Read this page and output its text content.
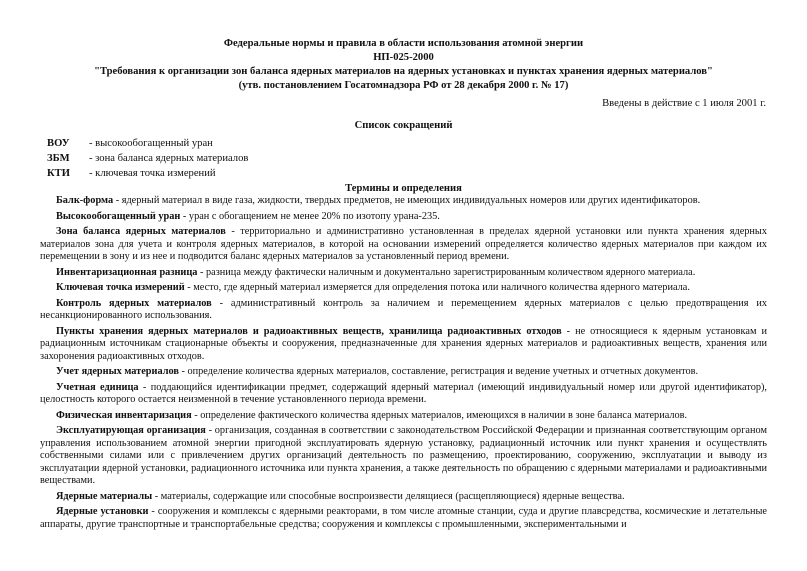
Федеральные нормы и правила в области использования атомной энергии
НП-025-2000
"Требования к организации зон баланса ядерных материалов на ядерных установках и пунктах хранения ядерных материалов"
(утв. постановлением Госатомнадзора РФ от 28 декабря 2000 г. № 17)
Введены в действие с 1 июля 2001 г.
Список сокращений
ВОУ - высокообогащенный уран
ЗБМ - зона баланса ядерных материалов
КТИ - ключевая точка измерений
Термины и определения

Балк-форма - ядерный материал в виде газа, жидкости, твердых предметов, не имеющих индивидуальных номеров или других идентификаторов.

Высокообогащенный уран - уран с обогащением не менее 20% по изотопу урана-235.

Зона баланса ядерных материалов - территориально и административно установленная в пределах ядерной установки или пункта хранения ядерных материалов зона для учета и контроля ядерных материалов, в которой на основании измерений определяется количество ядерных материалов при каждом их перемещении в зону и из нее и подводится баланс ядерных материалов за установленный период времени.

Инвентаризационная разница - разница между фактически наличным и документально зарегистрированным количеством ядерного материала.

Ключевая точка измерений - место, где ядерный материал измеряется для определения потока или наличного количества ядерного материала.

Контроль ядерных материалов - административный контроль за наличием и перемещением ядерных материалов с целью предотвращения их несанкционированного использования.

Пункты хранения ядерных материалов и радиоактивных веществ, хранилища радиоактивных отходов - не относящиеся к ядерным установкам и радиационным источникам стационарные объекты и сооружения, предназначенные для хранения ядерных материалов и радиоактивных веществ, хранения или захоронения радиоактивных отходов.

Учет ядерных материалов - определение количества ядерных материалов, составление, регистрация и ведение учетных и отчетных документов.

Учетная единица - поддающийся идентификации предмет, содержащий ядерный материал (имеющий индивидуальный номер или другой идентификатор), целостность которого остается неизменной в течение установленного периода времени.

Физическая инвентаризация - определение фактического количества ядерных материалов, имеющихся в наличии в зоне баланса материалов.

Эксплуатирующая организация - организация, созданная в соответствии с законодательством Российской Федерации и признанная соответствующим органом управления использованием атомной энергии пригодной эксплуатировать ядерную установку, радиационный источник или пункт хранения и осуществлять собственными силами или с привлечением других организаций деятельность по размещению, проектированию, сооружению, эксплуатации и выводу из эксплуатации ядерной установки, радиационного источника или пункта хранения, а также деятельность по обращению с ядерными материалами и радиоактивными веществами.

Ядерные материалы - материалы, содержащие или способные воспроизвести делящиеся (расщепляющиеся) ядерные вещества.

Ядерные установки - сооружения и комплексы с ядерными реакторами, в том числе атомные станции, суда и другие плавсредства, космические и летательные аппараты, другие транспортные и транспортабельные средства; сооружения и комплексы с промышленными, экспериментальными и
